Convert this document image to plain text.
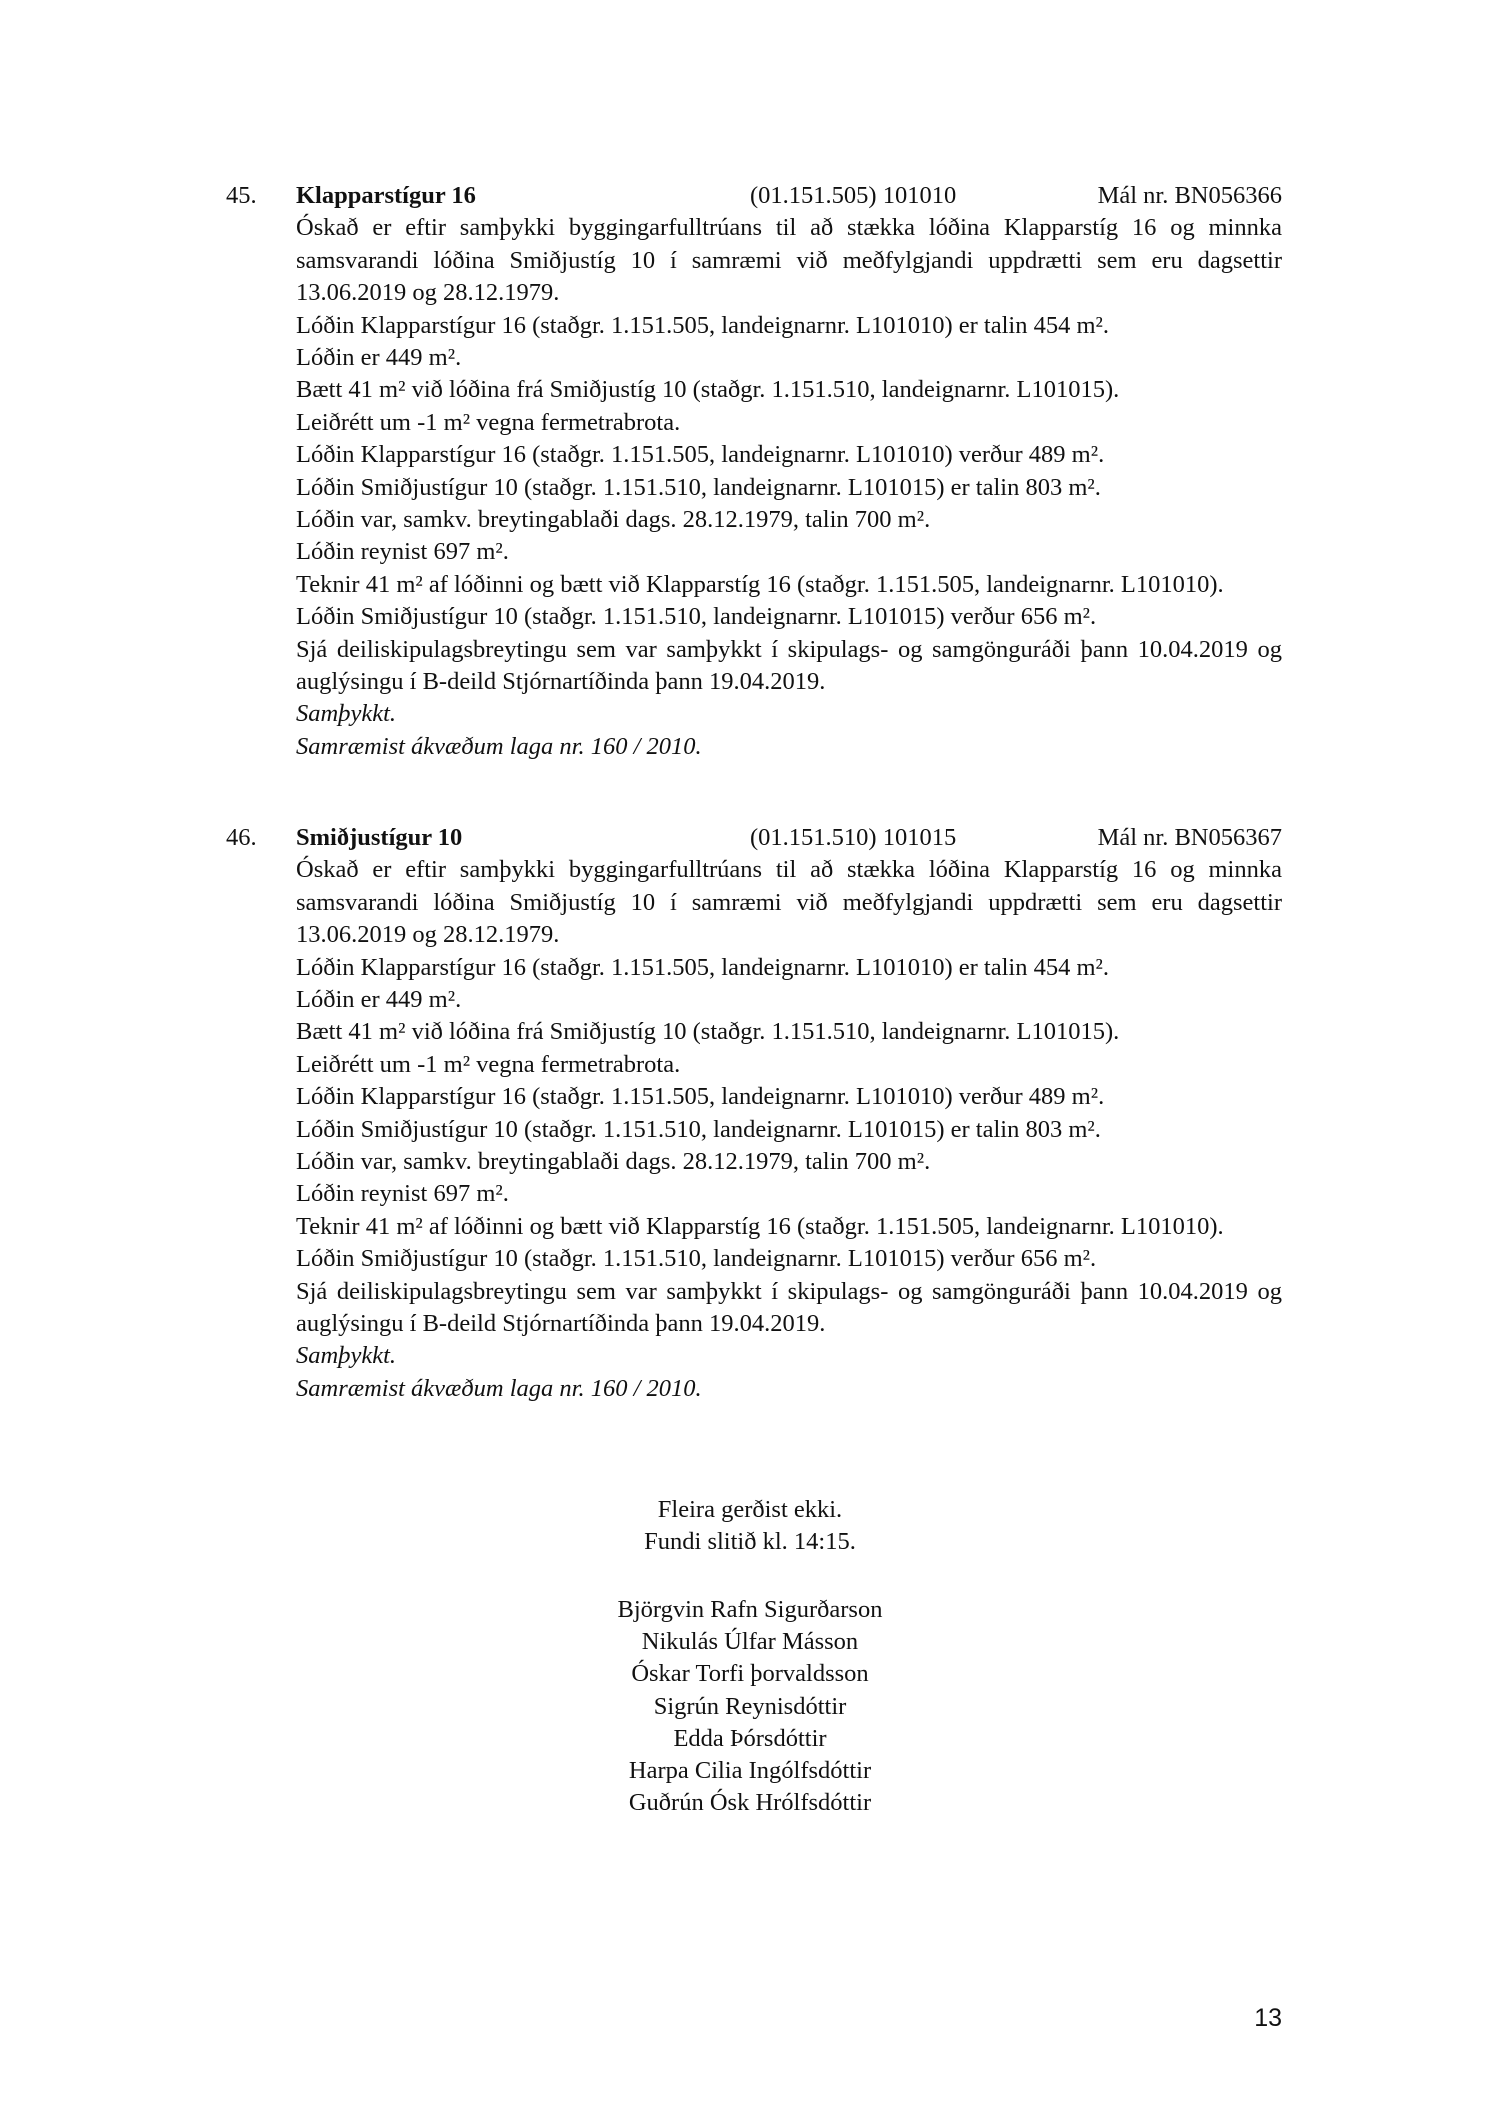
45. Klapparstígur 16	(01.151.505) 101010	Mál nr. BN056366

Óskað er eftir samþykki byggingarfulltrúans til að stækka lóðina Klapparstíg 16 og minnka samsvarandi lóðina Smiðjustíg 10 í samræmi við meðfylgjandi uppdrætti sem eru dagsettir 13.06.2019 og 28.12.1979.

Lóðin Klapparstígur 16 (staðgr. 1.151.505, landeignarnr. L101010) er talin 454 m².

Lóðin er 449 m².

Bætt 41 m² við lóðina frá Smiðjustíg 10 (staðgr. 1.151.510, landeignarnr. L101015).

Leiðrétt um -1 m² vegna fermetrabrota.

Lóðin Klapparstígur 16 (staðgr. 1.151.505, landeignarnr. L101010) verður 489 m².

Lóðin Smiðjustígur 10 (staðgr. 1.151.510, landeignarnr. L101015) er talin 803 m².

Lóðin var, samkv. breytingablaði dags. 28.12.1979, talin 700 m².

Lóðin reynist 697 m².

Teknir 41 m² af lóðinni og bætt við Klapparstíg 16 (staðgr. 1.151.505, landeignarnr. L101010).

Lóðin Smiðjustígur 10 (staðgr. 1.151.510, landeignarnr. L101015) verður 656 m².

Sjá deiliskipulagsbreytingu sem var samþykkt í skipulags- og samgönguráði þann 10.04.2019 og auglýsingu í B-deild Stjórnartíðinda þann 19.04.2019.

Samþykkt.

Samræmist ákvæðum laga nr. 160 / 2010.

46. Smiðjustígur 10	(01.151.510) 101015	Mál nr. BN056367

Óskað er eftir samþykki byggingarfulltrúans til að stækka lóðina Klapparstíg 16 og minnka samsvarandi lóðina Smiðjustíg 10 í samræmi við meðfylgjandi uppdrætti sem eru dagsettir 13.06.2019 og 28.12.1979.

Lóðin Klapparstígur 16 (staðgr. 1.151.505, landeignarnr. L101010) er talin 454 m².

Lóðin er 449 m².

Bætt 41 m² við lóðina frá Smiðjustíg 10 (staðgr. 1.151.510, landeignarnr. L101015).

Leiðrétt um -1 m² vegna fermetrabrota.

Lóðin Klapparstígur 16 (staðgr. 1.151.505, landeignarnr. L101010) verður 489 m².

Lóðin Smiðjustígur 10 (staðgr. 1.151.510, landeignarnr. L101015) er talin 803 m².

Lóðin var, samkv. breytingablaði dags. 28.12.1979, talin 700 m².

Lóðin reynist 697 m².

Teknir 41 m² af lóðinni og bætt við Klapparstíg 16 (staðgr. 1.151.505, landeignarnr. L101010).

Lóðin Smiðjustígur 10 (staðgr. 1.151.510, landeignarnr. L101015) verður 656 m².

Sjá deiliskipulagsbreytingu sem var samþykkt í skipulags- og samgönguráði þann 10.04.2019 og auglýsingu í B-deild Stjórnartíðinda þann 19.04.2019.

Samþykkt.

Samræmist ákvæðum laga nr. 160 / 2010.

Fleira gerðist ekki.

Fundi slitið kl. 14:15.

Björgvin Rafn Sigurðarson

Nikulás Úlfar Másson

Óskar Torfi þorvaldsson

Sigrún Reynisdóttir

Edda Þórsdóttir

Harpa Cilia Ingólfsdóttir

Guðrún Ósk Hrólfsdóttir

13
